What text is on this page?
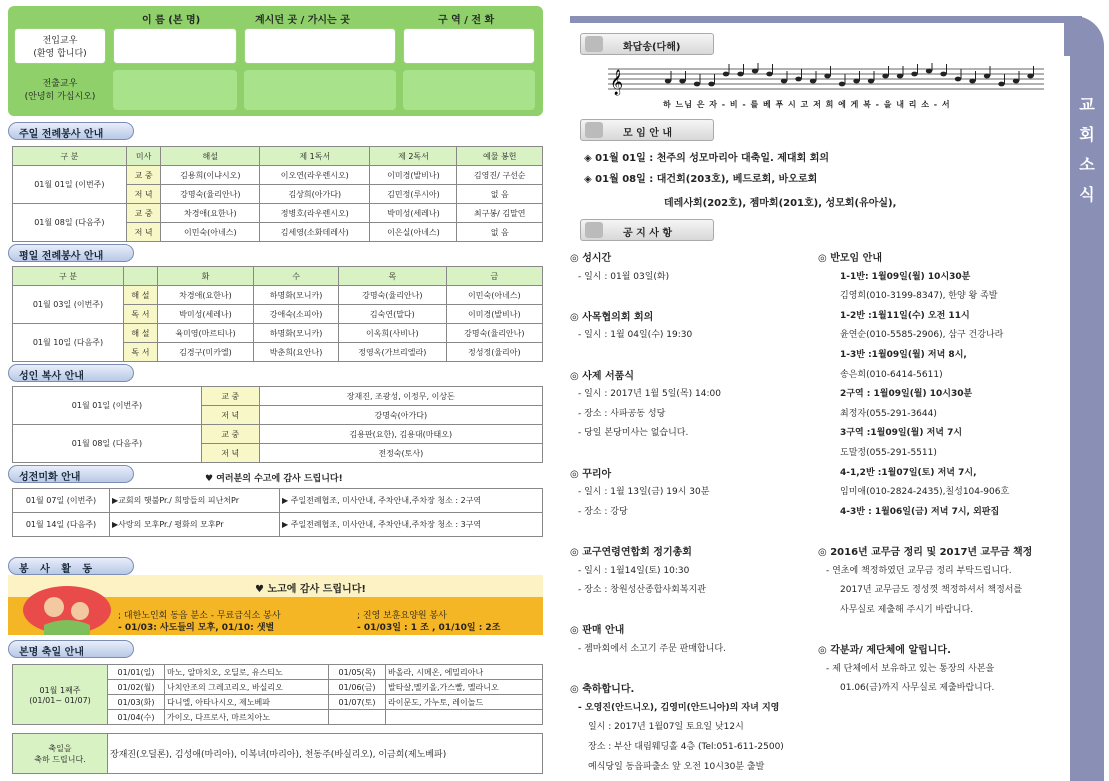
이 름 (본 명)	계시던 곳 / 가시는 곳	구 역 / 전 화
전입교우
(환영 합니다)
전출교우
(안녕히 가십시오)
주일 전례봉사 안내
구 분	미사	해설	제 1독서	제 2독서	예물 봉헌
01월 01일 (이번주)	교 중	김용희(이냐시오)	이오연(라우렌시오)	이미경(발비나)	김영진/ 구선순
	저 녁	강명숙(율리안나)	김상희(아가다)	김민정(루시아)	없 음
01월 08일 (다음주)	교 중	차경애(요한나)	정병호(라우렌시오)	박미성(세레나)	최구봉/ 김말연
	저 녁	이민숙(아네스)	김세영(소화데레사)	이은실(아네스)	없 음
평일 전례봉사 안내
구 분		화	수	목	금
01월 03일 (이번주)	해 설	차경애(요한나)	하명화(모니카)	강명숙(율리안나)	이민숙(아네스)
	독 서	박미성(세레나)	강애숙(소피아)	김숙연(말다)	이미경(발비나)
01월 10일 (다음주)	해 설	육미영(마르티나)	하명화(모니카)	이옥희(사비나)	강명숙(율리안나)
	독 서	김경구(미카엘)	박춘희(요안나)	정영옥(가브리엘라)	정성정(율리아)
성인 복사 안내
01월 01일 (이번주)	교 중	장재진, 조광성, 이정무, 이상돈
	저 녁	강명숙(아가다)
01월 08일 (다음주)	교 중	김용판(요한), 김용대(마태오)
	저 녁	전정숙(토사)
성전미화 안내	♥ 여러분의 수고에 감사 드립니다!
01월 07일 (이번주)	▶교회의 햇불Pr./ 희망들의 피난처Pr	▶ 주일전례협조, 미사안내, 주차안내,주차장 청소 : 2구역
01월 14일 (다음주)	▶사랑의 모후Pr./ 평화의 모후Pr	▶ 주일전례협조, 미사안내, 주차안내,주차장 청소 : 3구역
봉 사 활 동
♥ 노고에 감사 드립니다!
; 대한노인회 동읍 분소 - 무료급식소 봉사
- 01/03: 사도들의 모후, 01/10: 샛별
; 진영 보훈요양원 봉사
- 01/03일 : 1 조 , 01/10일 : 2조
본명 축일 안내
01월 1째주
(01/01~ 01/07)	01/01(일)	마노, 알마치오, 오딜로, 유스티노	01/05(목)	바올라, 시메온, 에밀리아나
	01/02(월)	나치안조의 그레고리오, 바실리오	01/06(금)	발타살,멜키올,가스빨, 멜라니오
	01/03(화)	다니엘, 아타나시오, 제노베파	01/07(토)	라이문도, 가누토, 레이놀드
	01/04(수)	가이오, 다프로사, 마르치아노		
축일을
축하 드립니다.	장재진(오딜론), 김성애(마리아), 이복녀(마리아), 천동주(바실리오), 이금희(제노베파)
교
회
소
식
화답송(다해)
𝄞
하 느님 은 자 - 비 - 를 베 푸 시 고 저 희 에 게 복 - 을 내 리 소 - 서
모 임 안 내
◈ 01월 01일 : 천주의 성모마리아 대축일. 제대회 회의
◈ 01월 08일 : 대건회(203호), 베드로회, 바오로회
데레사회(202호), 젬마회(201호), 성모회(유아실),
공 지 사 항
◎ 성시간
- 일시 : 01월 03일(화)
◎ 사목협의회 회의
- 일시 : 1월 04일(수) 19:30
◎ 사제 서품식
- 일시 : 2017년 1월 5일(목) 14:00
- 장소 : 사파공동 성당
- 당일 본당미사는 없습니다.
◎ 꾸리아
- 일시 : 1월 13일(금) 19시 30분
- 장소 : 강당
◎ 교구연령연합회 정기총회
- 일시 : 1월14일(토) 10:30
- 장소 : 창원성산종합사회복지관
◎ 판매 안내
- 젬마회에서 소고기 주문 판매합니다.
◎ 축하합니다.
- 오영진(안드니오), 김영미(안드니아)의 자녀 지영
일시 : 2017년 1월07일 토요일 낮12시
장소 : 부산 대림웨딩홀 4층 (Tel:051-611-2500)
예식당일 동읍파출소 앞 오전 10시30분 출발
◎ 반모임 안내
1-1반: 1월09일(월) 10시30분
김영희(010-3199-8347), 한양 왕 족발
1-2반 :1월11일(수) 오전 11시
윤연순(010-5585-2906), 삼구 건강나라
1-3반 :1월09일(월) 저녁 8시,
송은희(010-6414-5611)
2구역 : 1월09일(월) 10시30분
최정자(055-291-3644)
3구역 :1월09일(월) 저녁 7시
도말정(055-291-5511)
4-1,2반 :1월07일(토) 저녁 7시,
임미애(010-2824-2435),칠성104-906호
4-3반 : 1월06일(금) 저녁 7시, 외판집
◎ 2016년 교무금 정리 및 2017년 교무금 책정
- 연초에 책정하였던 교무금 정리 부탁드립니다.
2017년 교무금도 정성껏 책정하셔서 책정서를
사무실로 제출해 주시기 바랍니다.
◎ 각분과/ 제단체에 알립니다.
- 제 단체에서 보유하고 있는 통장의 사본을
01.06(금)까지 사무실로 제출바랍니다.
